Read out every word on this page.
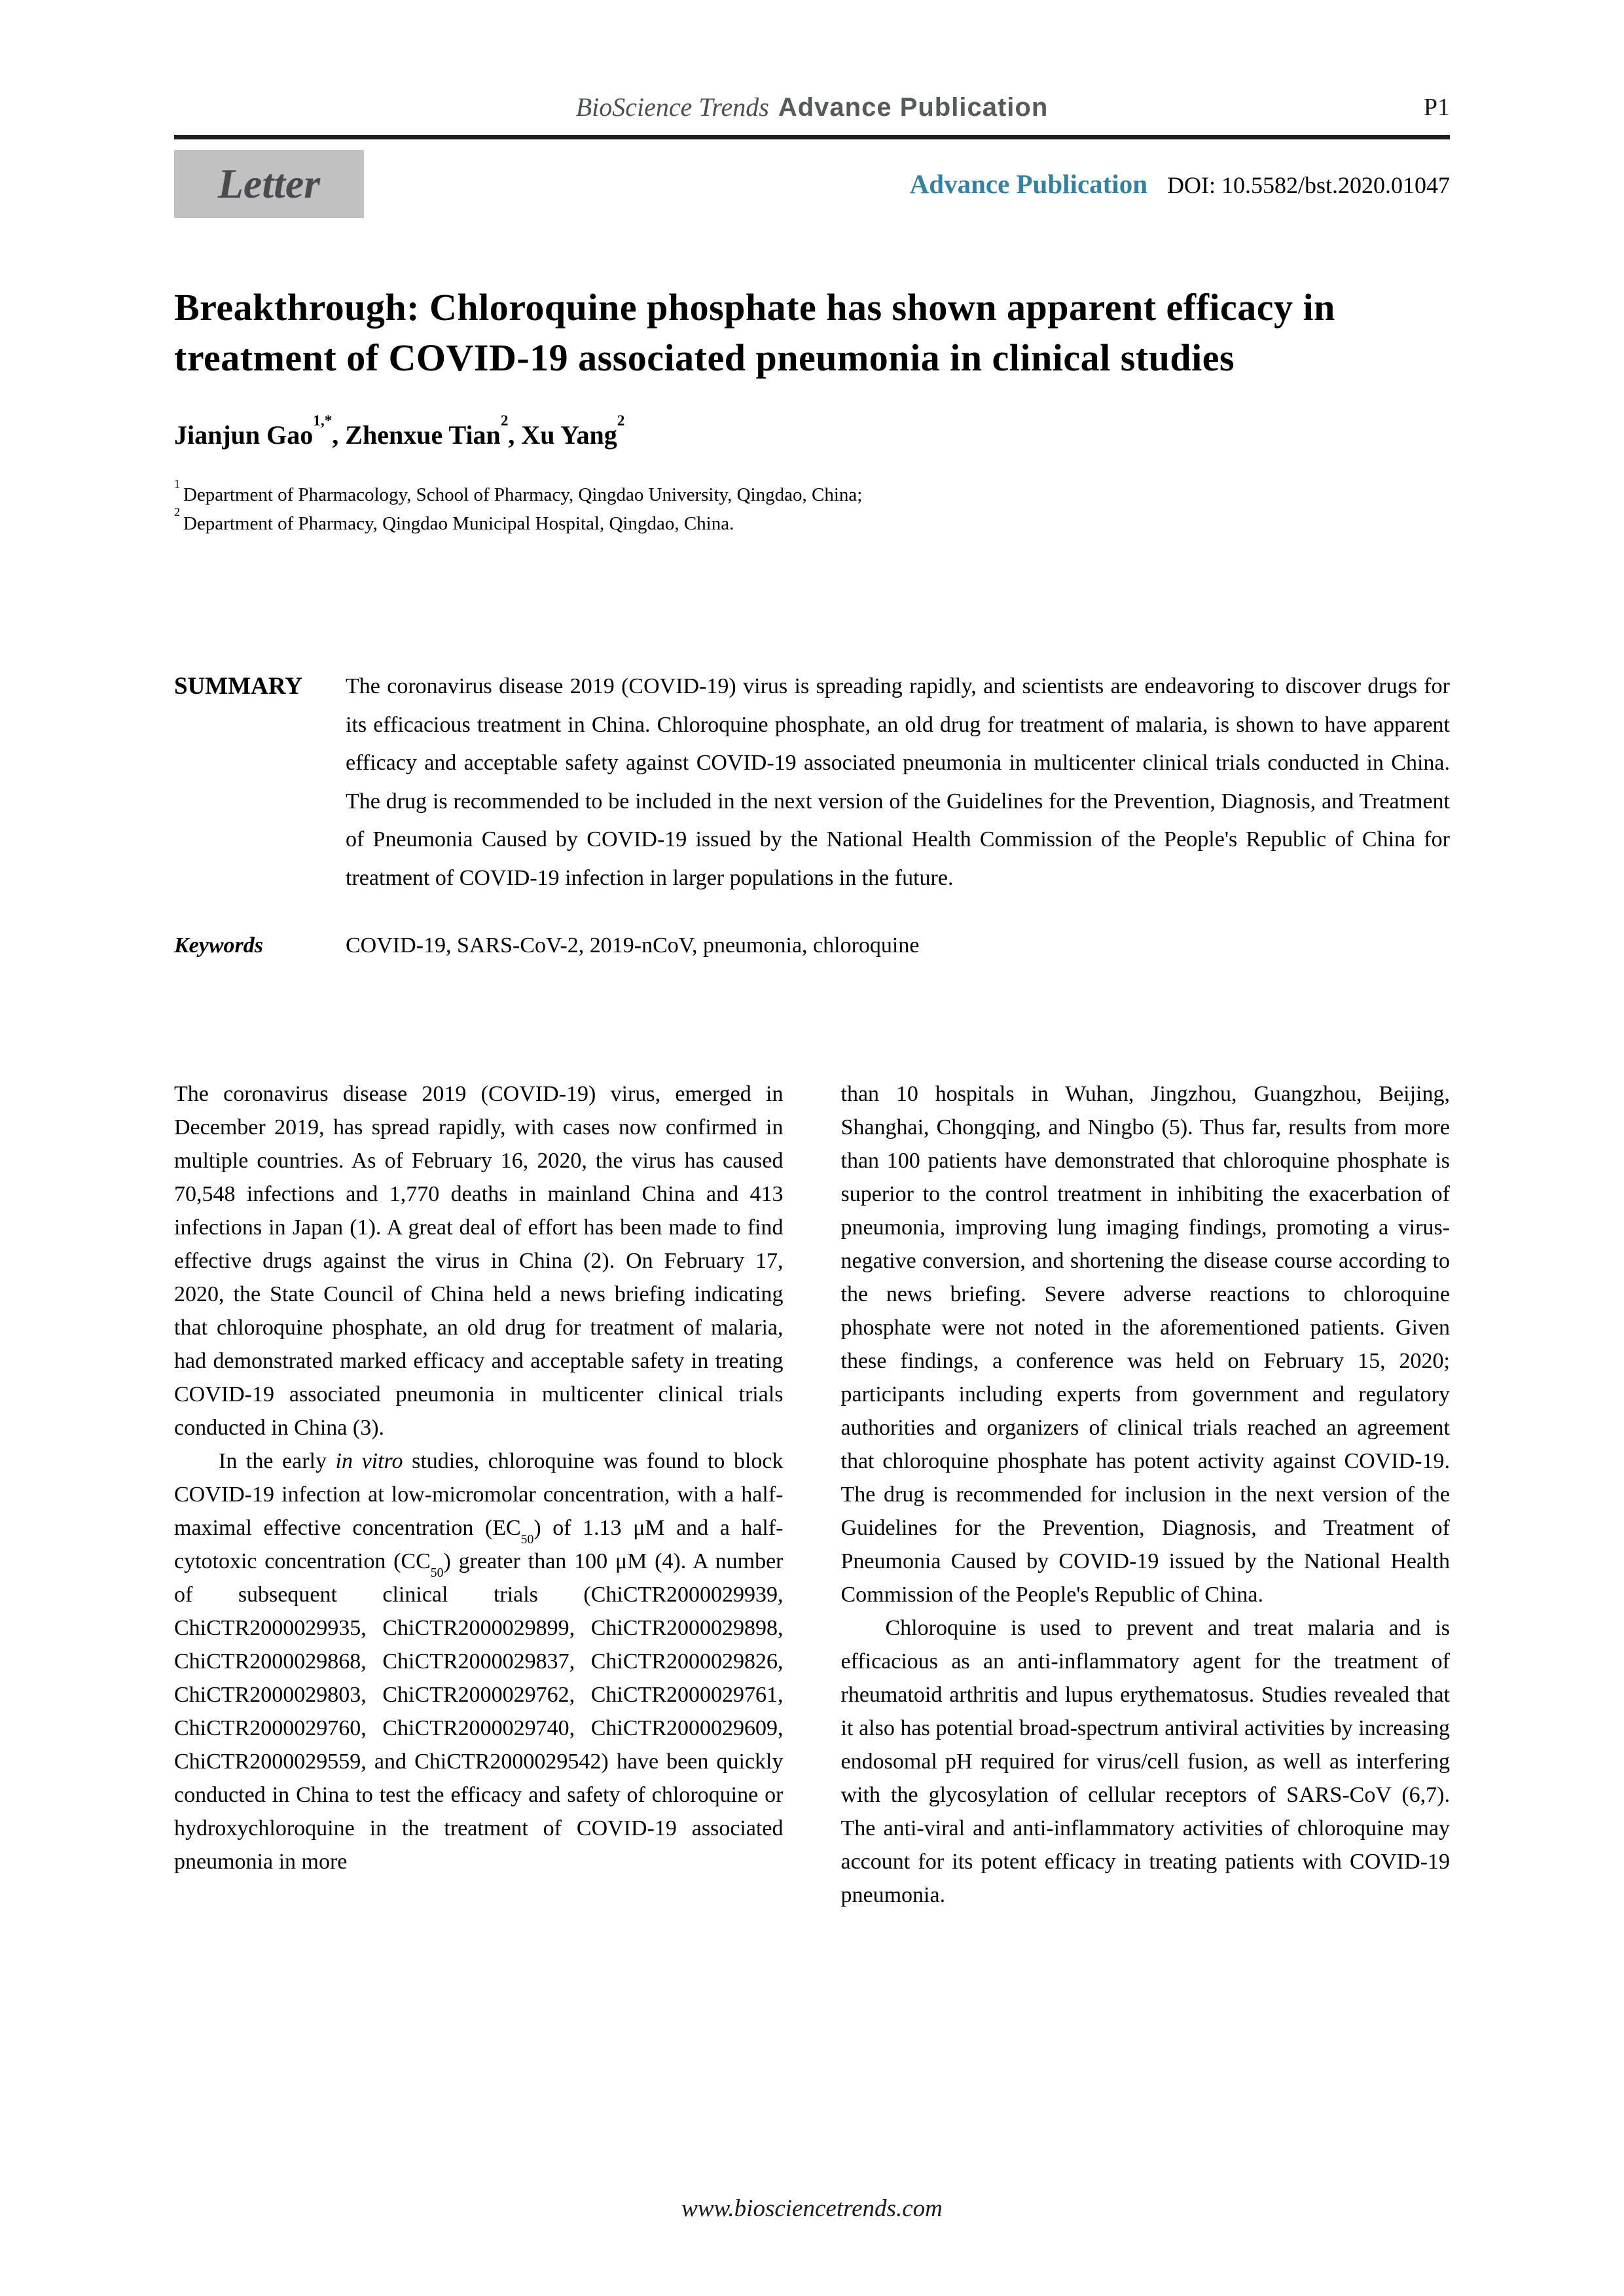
BioScience Trends Advance Publication	P1
Letter	Advance Publication DOI: 10.5582/bst.2020.01047
Breakthrough: Chloroquine phosphate has shown apparent efficacy in treatment of COVID-19 associated pneumonia in clinical studies
Jianjun Gao$^{1,*}$, Zhenxue Tian$^2$, Xu Yang$^2$

$^1$Department of Pharmacology, School of Pharmacy, Qingdao University, Qingdao, China;

$^2$Department of Pharmacy, Qingdao Municipal Hospital, Qingdao, China.

SUMMARY	The coronavirus disease 2019 (COVID-19) virus is spreading rapidly, and scientists are endeavoring to discover drugs for its efficacious treatment in China. Chloroquine phosphate, an old drug for treatment of malaria, is shown to have apparent efficacy and acceptable safety against COVID-19 associated pneumonia in multicenter clinical trials conducted in China. The drug is recommended to be included in the next version of the Guidelines for the Prevention, Diagnosis, and Treatment of Pneumonia Caused by COVID-19 issued by the National Health Commission of the People's Republic of China for treatment of COVID-19 infection in larger populations in the future.

Keywords	COVID-19, SARS-CoV-2, 2019-nCoV, pneumonia, chloroquine

The coronavirus disease 2019 (COVID-19) virus, emerged in December 2019, has spread rapidly, with cases now confirmed in multiple countries. As of February 16, 2020, the virus has caused 70,548 infections and 1,770 deaths in mainland China and 413 infections in Japan (1). A great deal of effort has been made to find effective drugs against the virus in China (2). On February 17, 2020, the State Council of China held a news briefing indicating that chloroquine phosphate, an old drug for treatment of malaria, had demonstrated marked efficacy and acceptable safety in treating COVID-19 associated pneumonia in multicenter clinical trials conducted in China (3).

In the early in vitro studies, chloroquine was found to block COVID-19 infection at low-micromolar concentration, with a half-maximal effective concentration $(EC_{50})$ of 1.13 μM and a half-cytotoxic concentration $(CC_{50})$ greater than 100 μM (4). A number of subsequent clinical trials (ChiCTR2000029939, ChiCTR2000029935, ChiCTR2000029899, ChiCTR2000029898, ChiCTR2000029868, ChiCTR2000029837, ChiCTR2000029826, ChiCTR2000029803, ChiCTR2000029762, ChiCTR2000029761, ChiCTR2000029760, ChiCTR2000029740, ChiCTR2000029609, ChiCTR2000029559, and ChiCTR2000029542) have been quickly conducted in China to test the efficacy and safety of chloroquine or hydroxychloroquine in the treatment of COVID-19 associated pneumonia in more

than 10 hospitals in Wuhan, Jingzhou, Guangzhou, Beijing, Shanghai, Chongqing, and Ningbo (5). Thus far, results from more than 100 patients have demonstrated that chloroquine phosphate is superior to the control treatment in inhibiting the exacerbation of pneumonia, improving lung imaging findings, promoting a virus-negative conversion, and shortening the disease course according to the news briefing. Severe adverse reactions to chloroquine phosphate were not noted in the aforementioned patients. Given these findings, a conference was held on February 15, 2020; participants including experts from government and regulatory authorities and organizers of clinical trials reached an agreement that chloroquine phosphate has potent activity against COVID-19. The drug is recommended for inclusion in the next version of the Guidelines for the Prevention, Diagnosis, and Treatment of Pneumonia Caused by COVID-19 issued by the National Health Commission of the People's Republic of China.

Chloroquine is used to prevent and treat malaria and is efficacious as an anti-inflammatory agent for the treatment of rheumatoid arthritis and lupus erythematosus. Studies revealed that it also has potential broad-spectrum antiviral activities by increasing endosomal pH required for virus/cell fusion, as well as interfering with the glycosylation of cellular receptors of SARS-CoV (6,7). The anti-viral and anti-inflammatory activities of chloroquine may account for its potent efficacy in treating patients with COVID-19 pneumonia.

www.biosciencetrends.com
